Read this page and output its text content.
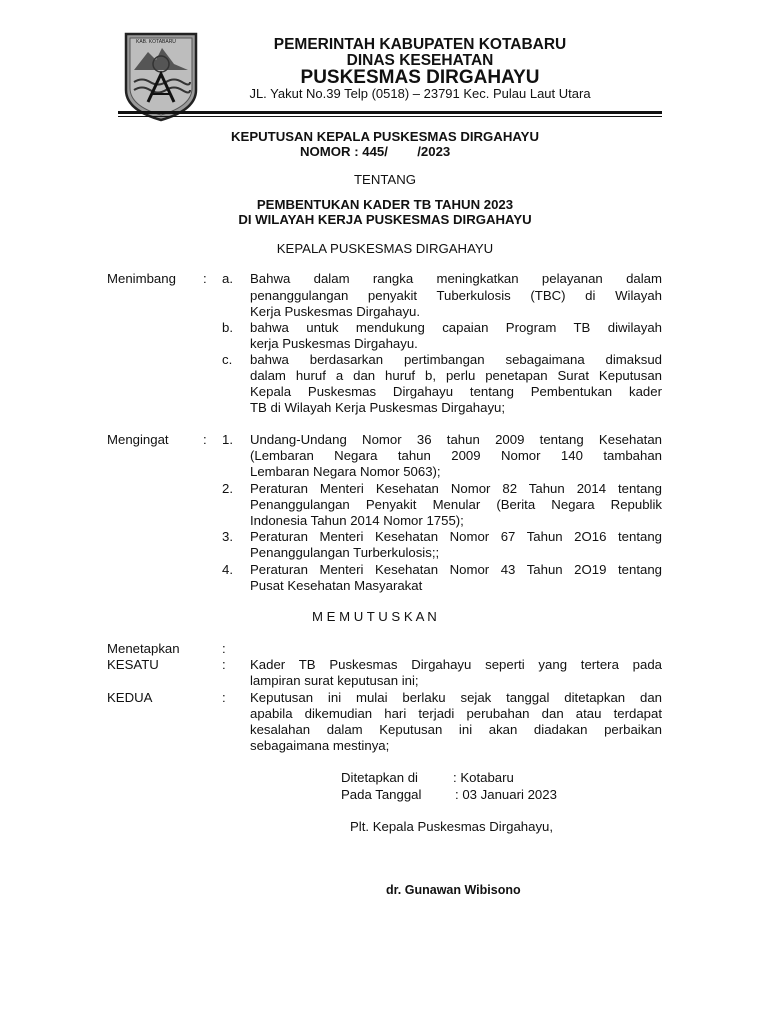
KAB. KOTABARU	PEMERINTAH KABUPATEN KOTABARU
DINAS KESEHATAN
PUSKESMAS DIRGAHAYU
JL. Yakut No.39 Telp (0518) – 23791 Kec. Pulau Laut Utara
KEPUTUSAN KEPALA PUSKESMAS DIRGAHAYU
NOMOR : 445/        /2023
TENTANG
PEMBENTUKAN KADER TB TAHUN 2023
DI WILAYAH KERJA PUSKESMAS DIRGAHAYU
KEPALA PUSKESMAS DIRGAHAYU
Menimbang : a. Bahwa dalam rangka meningkatkan pelayanan dalam
penanggulangan penyakit Tuberkulosis (TBC) di Wilayah
Kerja Puskesmas Dirgahayu.
b. bahwa untuk mendukung capaian Program TB diwilayah
kerja Puskesmas Dirgahayu.
c. bahwa berdasarkan pertimbangan sebagaimana dimaksud
dalam huruf a dan huruf b, perlu penetapan Surat Keputusan
Kepala Puskesmas Dirgahayu tentang Pembentukan kader
TB di Wilayah Kerja Puskesmas Dirgahayu;
Mengingat	: 1. Undang-Undang Nomor 36 tahun 2009 tentang Kesehatan
(Lembaran Negara tahun 2009 Nomor 140 tambahan
Lembaran Negara Nomor 5063);
2. Peraturan Menteri Kesehatan Nomor 82 Tahun 2014 tentang
Penanggulangan Penyakit Menular (Berita Negara Republik
Indonesia Tahun 2014 Nomor 1755);
3. Peraturan Menteri Kesehatan Nomor 67 Tahun 2O16 tentang
Penanggulangan Turberkulosis;;
4. Peraturan Menteri Kesehatan Nomor 43 Tahun 2O19 tentang
Pusat Kesehatan Masyarakat
M E M U T U S K A N
Menetapkan	:
KESATU	: Kader TB Puskesmas Dirgahayu seperti yang tertera pada
lampiran surat keputusan ini;
KEDUA	: Keputusan ini mulai berlaku sejak tanggal ditetapkan dan
apabila dikemudian hari terjadi perubahan dan atau terdapat
kesalahan dalam Keputusan ini akan diadakan perbaikan
sebagaimana mestinya;
Ditetapkan di	: Kotabaru
Pada Tanggal	: 03 Januari 2023
Plt. Kepala Puskesmas Dirgahayu,
dr. Gunawan Wibisono
